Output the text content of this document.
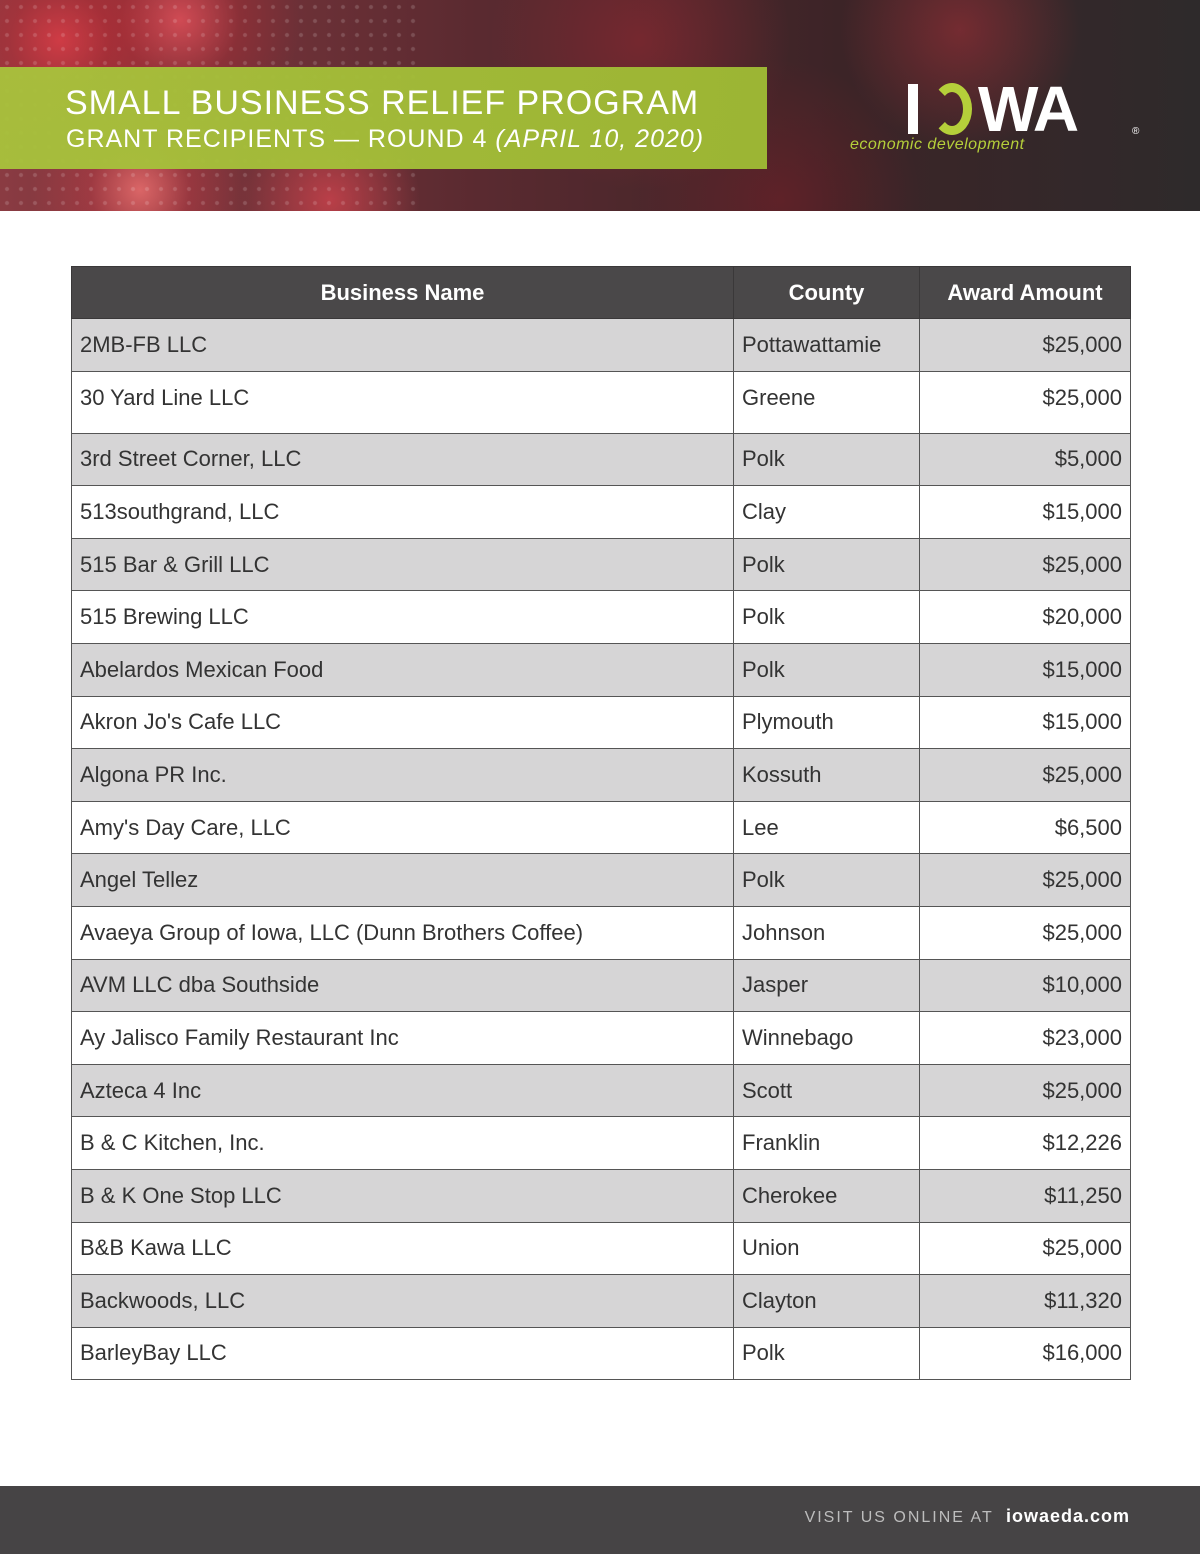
SMALL BUSINESS RELIEF PROGRAM
GRANT RECIPIENTS — ROUND 4 (APRIL 10, 2020)	WA	®
economic development
Business Name	County	Award Amount
2MB-FB LLC	Pottawattamie	$25,000
30 Yard Line LLC	Greene	$25,000
3rd Street Corner, LLC	Polk	$5,000
513southgrand, LLC	Clay	$15,000
515 Bar & Grill LLC	Polk	$25,000
515 Brewing LLC	Polk	$20,000
Abelardos Mexican Food	Polk	$15,000
Akron Jo's Cafe LLC	Plymouth	$15,000
Algona PR Inc.	Kossuth	$25,000
Amy's Day Care, LLC	Lee	$6,500
Angel Tellez	Polk	$25,000
Avaeya Group of Iowa, LLC (Dunn Brothers Coffee)	Johnson	$25,000
AVM LLC dba Southside	Jasper	$10,000
Ay Jalisco Family Restaurant Inc	Winnebago	$23,000
Azteca 4 Inc	Scott	$25,000
B & C Kitchen, Inc.	Franklin	$12,226
B & K One Stop LLC	Cherokee	$11,250
B&B Kawa LLC	Union	$25,000
Backwoods, LLC	Clayton	$11,320
BarleyBay LLC	Polk	$16,000
VISIT US ONLINE AT iowaeda.com
